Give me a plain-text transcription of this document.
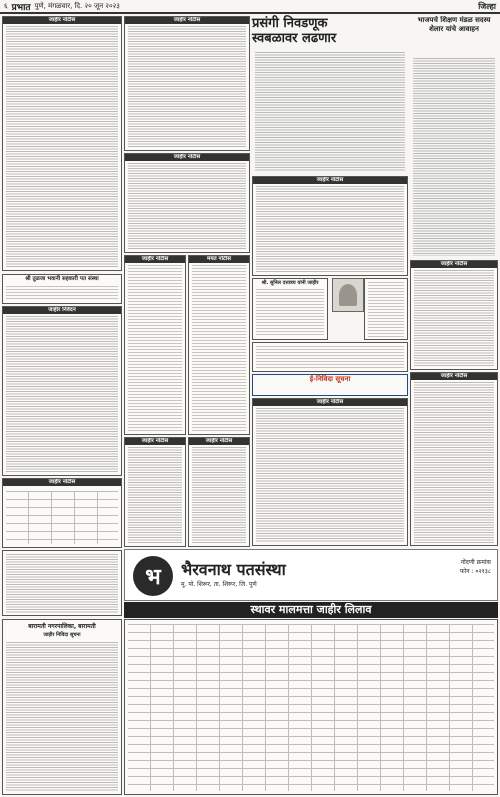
६ प्रभात पुणे, मंगळवार, दि. २० जून २०२३	जिल्हा
जाहीर नोटीस
श्री तुळजा भवानी सहकारी पत संस्था
जाहीर निवेदन
जाहीर नोटीस
बारामती नगरपालिका, बारामती
जाहीर निविदा सूचना
जाहीर नोटीस
जाहीर नोटीस
जाहीर नोटीस	मयत नोटीस
जाहीर नोटीस	जाहीर नोटीस
प्रसंगी निवडणूक
स्वबळावर लढणार
जाहीर नोटीस
श्री. सुनिल दत्तात्रय यांनी जाहीर
ई-निविदा सूचना
जाहीर नोटीस
भाजपचे शिक्षण मंडळ सदस्य शेलार यांचे आवाहन
जाहीर नोटीस
जाहीर नोटीस
भ	भैरवनाथ पतसंस्था
मु. पो. शिरूर, ता. शिरूर, जि. पुणे
नोंदणी क्रमांक
फोन : ०२१३८
स्थावर मालमत्ता जाहीर लिलाव
